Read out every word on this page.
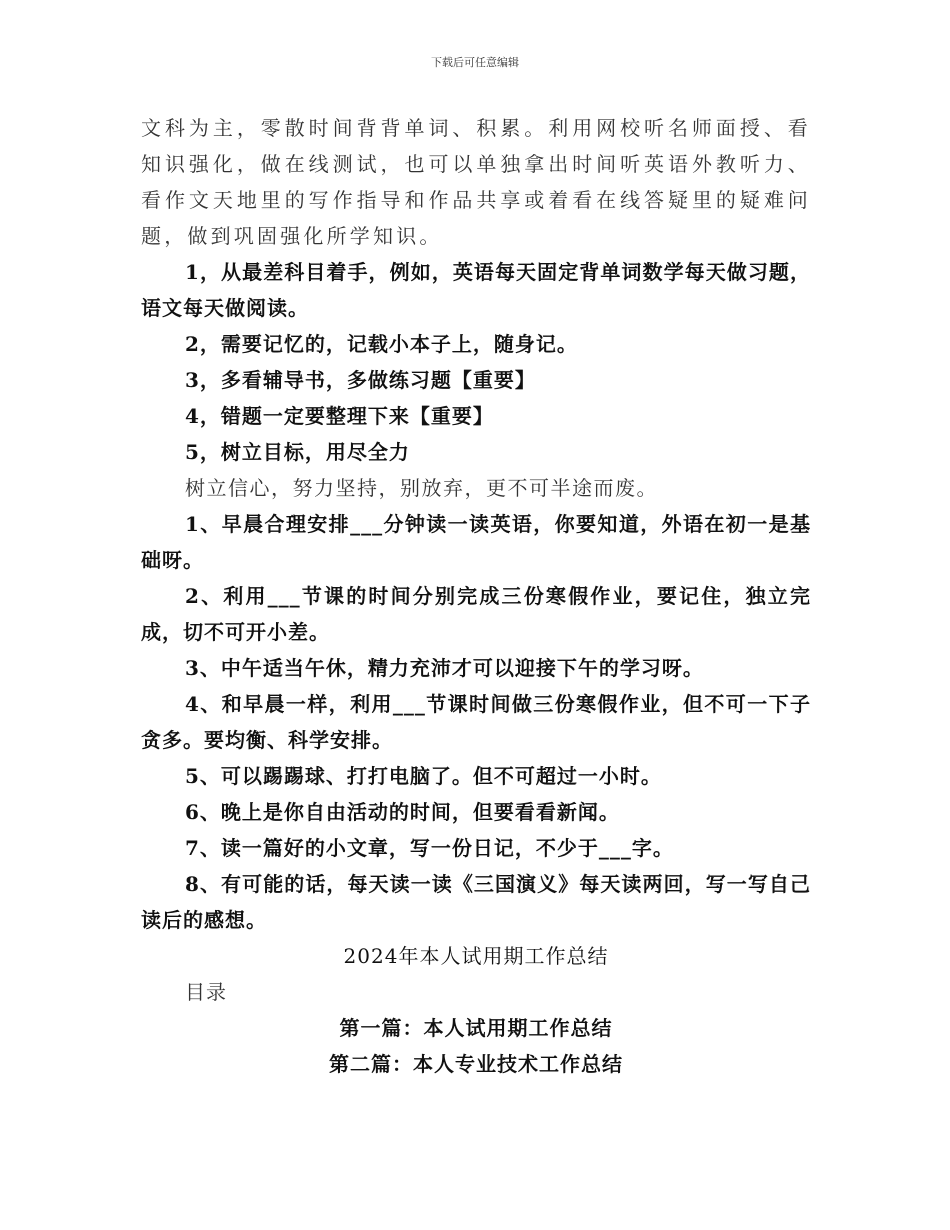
下载后可任意编辑

文科为主，零散时间背背单词、积累。利用网校听名师面授、看知识强化，做在线测试，也可以单独拿出时间听英语外教听力、看作文天地里的写作指导和作品共享或着看在线答疑里的疑难问题，做到巩固强化所学知识。

1，从最差科目着手，例如，英语每天固定背单词数学每天做习题，语文每天做阅读。

2，需要记忆的，记载小本子上，随身记。

3，多看辅导书，多做练习题【重要】

4，错题一定要整理下来【重要】

5，树立目标，用尽全力

树立信心，努力坚持，别放弃，更不可半途而废。

1、早晨合理安排___分钟读一读英语，你要知道，外语在初一是基础呀。

2、利用___节课的时间分别完成三份寒假作业，要记住，独立完成，切不可开小差。

3、中午适当午休，精力充沛才可以迎接下午的学习呀。

4、和早晨一样，利用___节课时间做三份寒假作业，但不可一下子贪多。要均衡、科学安排。

5、可以踢踢球、打打电脑了。但不可超过一小时。

6、晚上是你自由活动的时间，但要看看新闻。

7、读一篇好的小文章，写一份日记，不少于___字。

8、有可能的话，每天读一读《三国演义》每天读两回，写一写自己读后的感想。

2024年本人试用期工作总结

目录

第一篇：本人试用期工作总结

第二篇：本人专业技术工作总结
